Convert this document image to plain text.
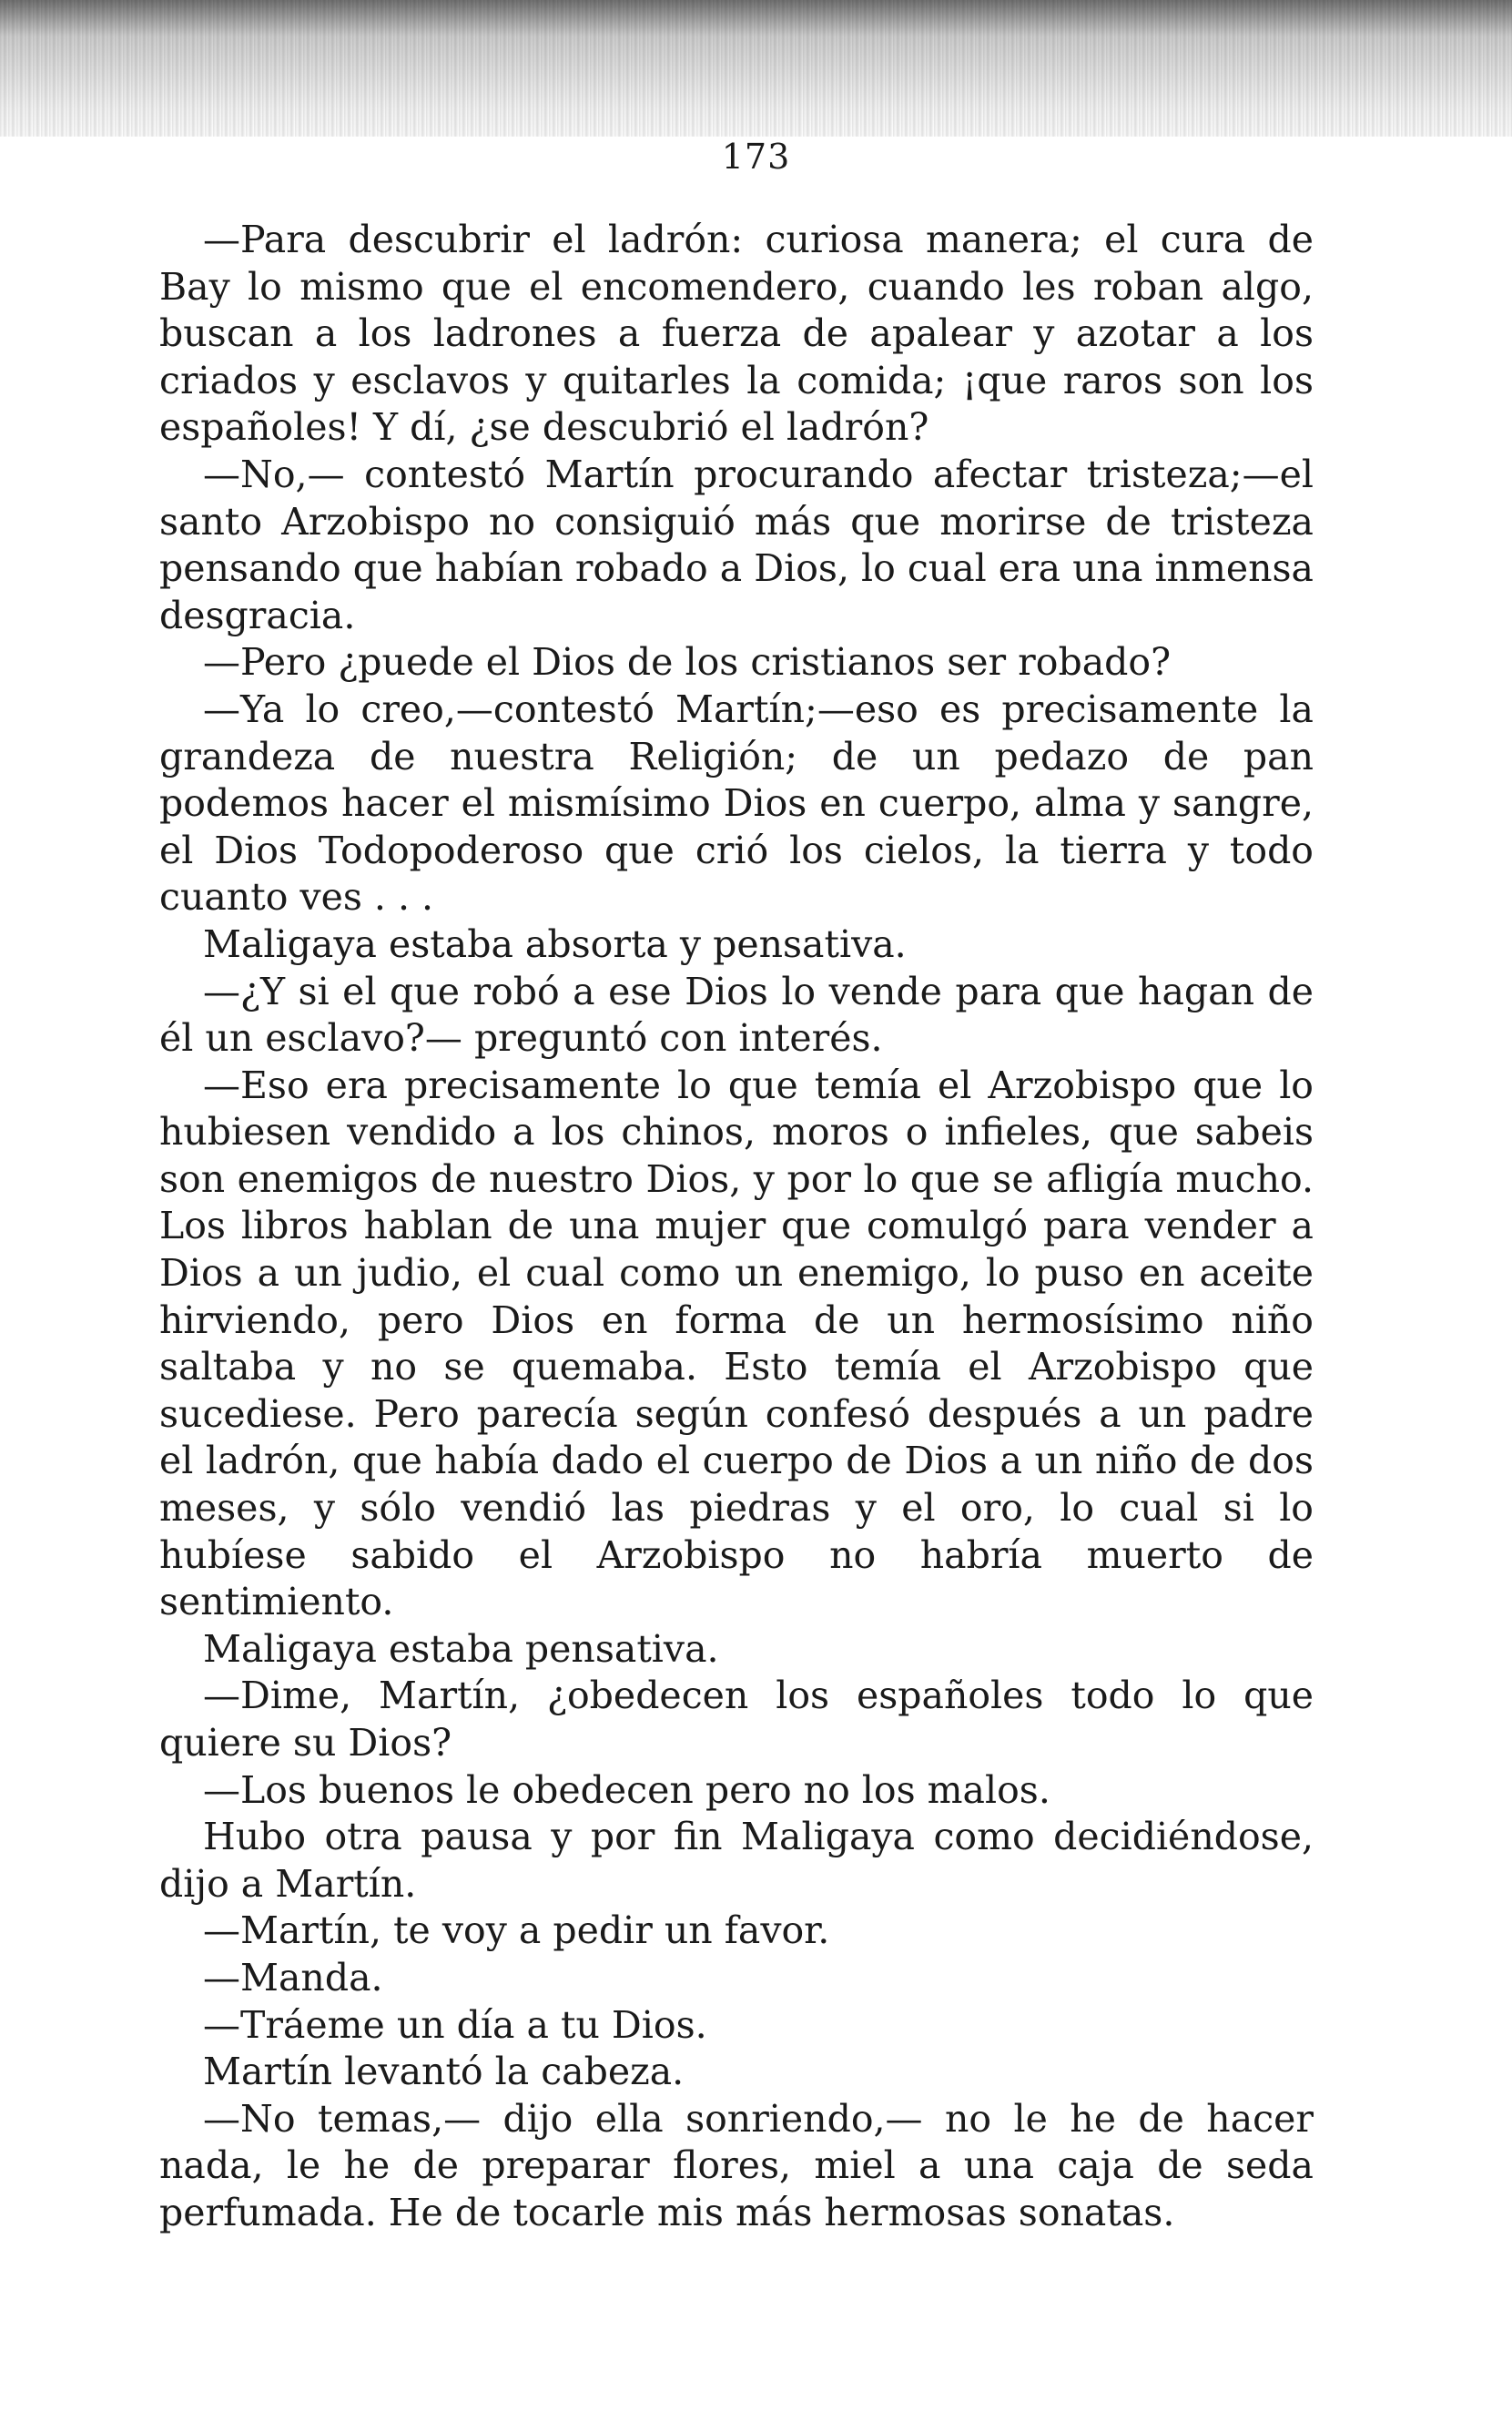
173

—Para descubrir el ladrón: curiosa manera; el cura de Bay lo mismo que el encomendero, cuando les roban algo, buscan a los ladrones a fuerza de apalear y azotar a los criados y esclavos y quitarles la comida; ¡que raros son los españoles! Y dí, ¿se descubrió el ladrón?

—No,— contestó Martín procurando afectar tristeza;—el santo Arzobispo no consiguió más que morirse de tristeza pensando que habían robado a Dios, lo cual era una inmensa desgracia.

—Pero ¿puede el Dios de los cristianos ser robado?

—Ya lo creo,—contestó Martín;—eso es precisamente la grandeza de nuestra Religión; de un pedazo de pan podemos hacer el mismísimo Dios en cuerpo, alma y sangre, el Dios Todopoderoso que crió los cielos, la tierra y todo cuanto ves . . .

Maligaya estaba absorta y pensativa.

—¿Y si el que robó a ese Dios lo vende para que hagan de él un esclavo?— preguntó con interés.

—Eso era precisamente lo que temía el Arzobispo que lo hubiesen vendido a los chinos, moros o infieles, que sabeis son enemigos de nuestro Dios, y por lo que se afligía mucho. Los libros hablan de una mujer que comulgó para vender a Dios a un judio, el cual como un enemigo, lo puso en aceite hirviendo, pero Dios en forma de un hermosísimo niño saltaba y no se quemaba. Esto temía el Arzobispo que sucediese. Pero parecía según confesó después a un padre el ladrón, que había dado el cuerpo de Dios a un niño de dos meses, y sólo vendió las piedras y el oro, lo cual si lo hubíese sabido el Arzobispo no habría muerto de sentimiento.

Maligaya estaba pensativa.

—Dime, Martín, ¿obedecen los españoles todo lo que quiere su Dios?

—Los buenos le obedecen pero no los malos.

Hubo otra pausa y por fin Maligaya como decidiéndose, dijo a Martín.

—Martín, te voy a pedir un favor.

—Manda.

—Tráeme un día a tu Dios.

Martín levantó la cabeza.

—No temas,— dijo ella sonriendo,— no le he de hacer nada, le he de preparar flores, miel a una caja de seda perfumada. He de tocarle mis más hermosas sonatas.
